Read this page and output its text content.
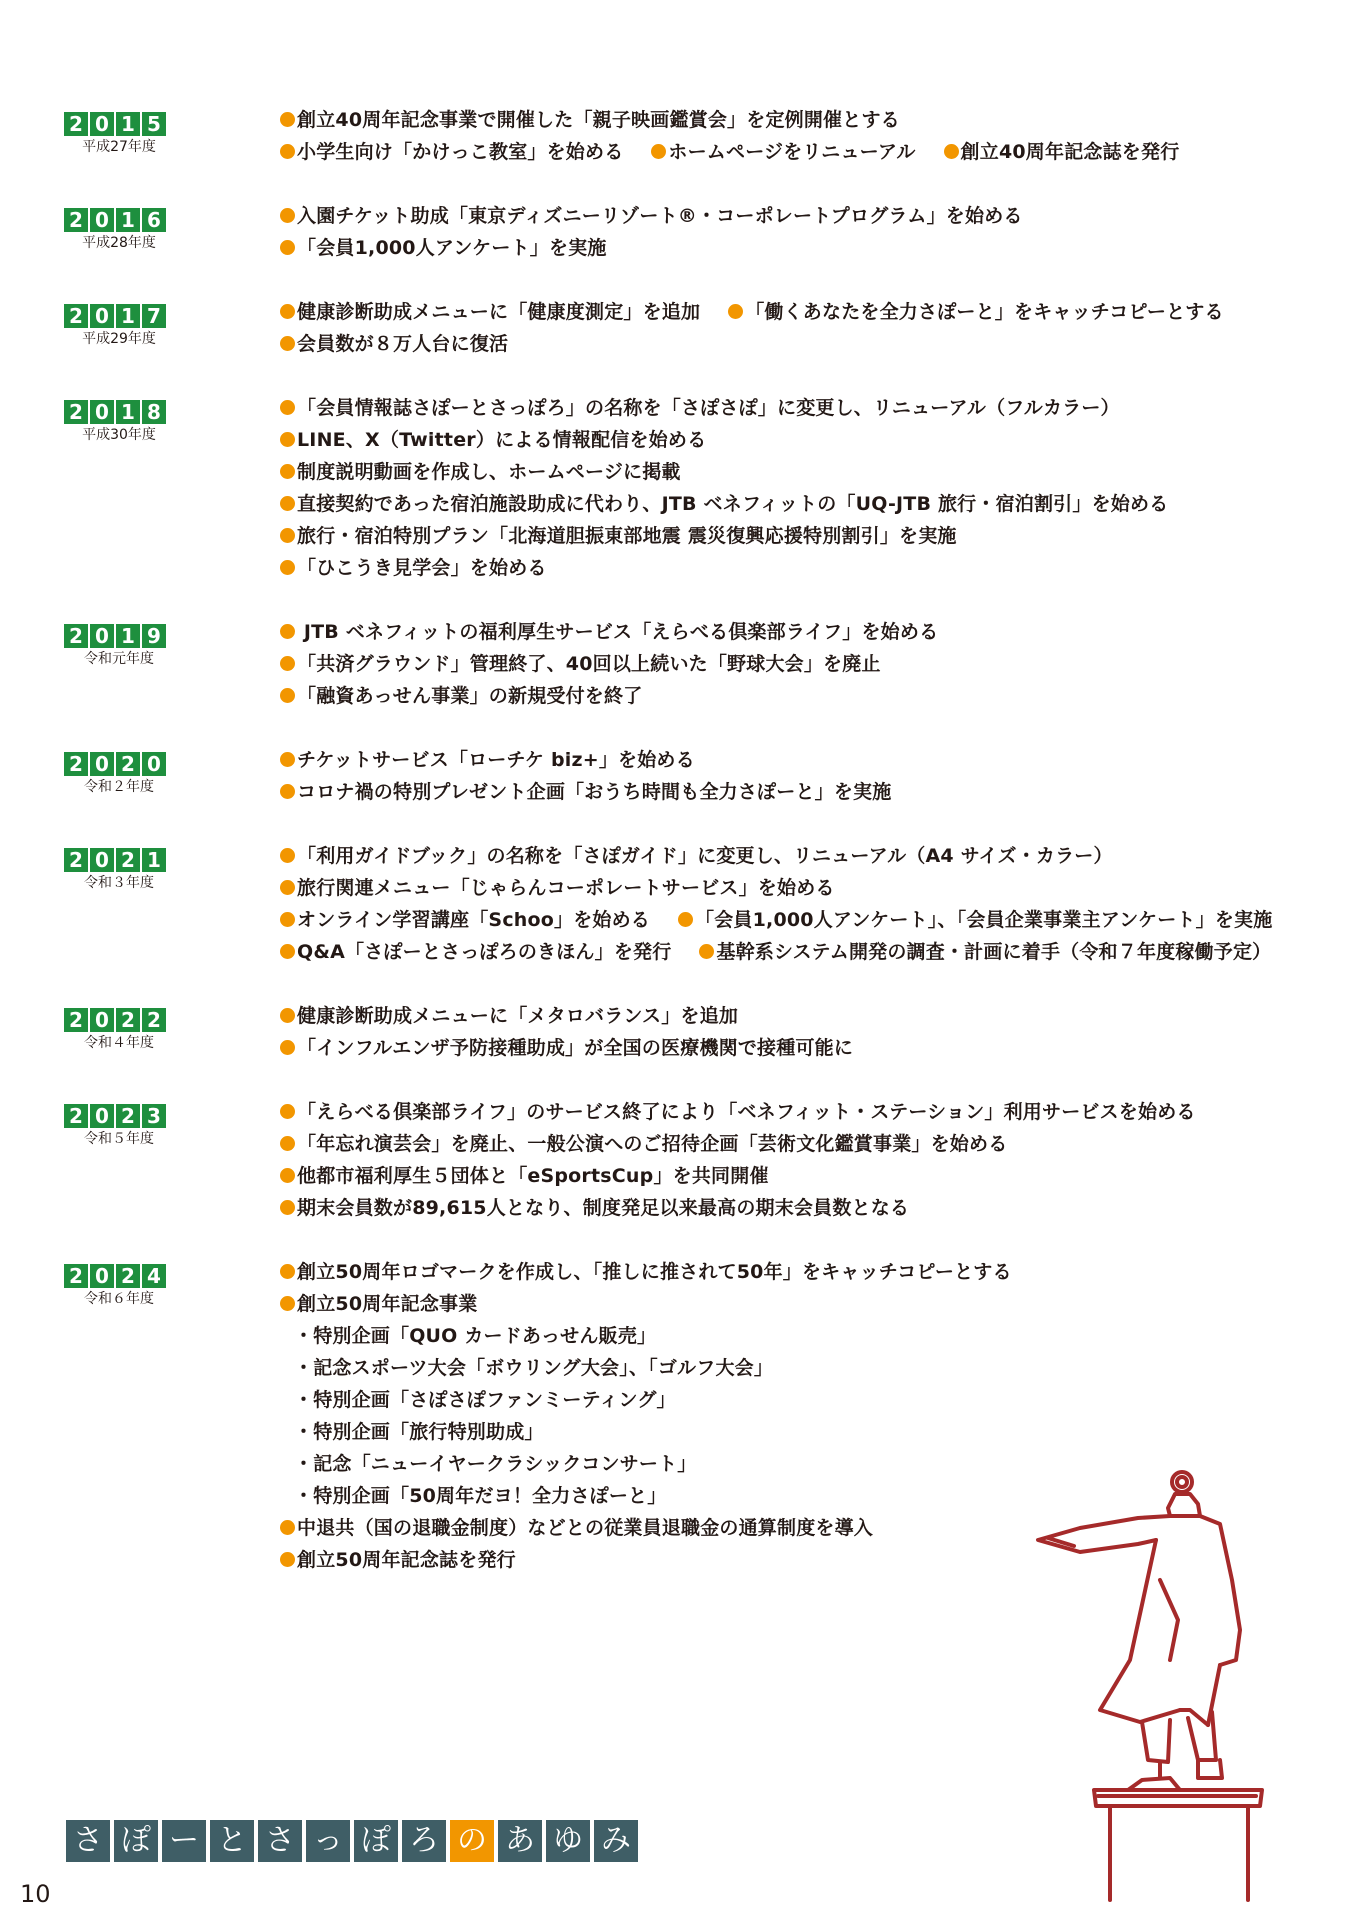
2 0 1 5
平成27年度
創立40周年記念事業で開催した「親子映画鑑賞会」を定例開催とする
小学生向け「かけっこ教室」を始める ホームページをリニューアル 創立40周年記念誌を発行
2 0 1 6
平成28年度
入園チケット助成「東京ディズニーリゾート®・コーポレートプログラム」を始める
「会員1,000人アンケート」を実施
2 0 1 7
平成29年度
健康診断助成メニューに「健康度測定」を追加 「働くあなたを全力さぽーと」をキャッチコピーとする
会員数が８万人台に復活
2 0 1 8
平成30年度
「会員情報誌さぽーとさっぽろ」の名称を「さぽさぽ」に変更し、リニューアル（フルカラー）
LINE、X（Twitter）による情報配信を始める
制度説明動画を作成し、ホームページに掲載
直接契約であった宿泊施設助成に代わり、JTB ベネフィットの「UQ-JTB 旅行・宿泊割引」を始める
旅行・宿泊特別プラン「北海道胆振東部地震 震災復興応援特別割引」を実施
「ひこうき見学会」を始める
2 0 1 9
令和元年度
JTB ベネフィットの福利厚生サービス「えらべる倶楽部ライフ」を始める
「共済グラウンド」管理終了、40回以上続いた「野球大会」を廃止
「融資あっせん事業」の新規受付を終了
2 0 2 0
令和２年度
チケットサービス「ローチケ biz+」を始める
コロナ禍の特別プレゼント企画「おうち時間も全力さぽーと」を実施
2 0 2 1
令和３年度
「利用ガイドブック」の名称を「さぽガイド」に変更し、リニューアル（A4 サイズ・カラー）
旅行関連メニュー「じゃらんコーポレートサービス」を始める
オンライン学習講座「Schoo」を始める 「会員1,000人アンケート」、「会員企業事業主アンケート」を実施
Q&A「さぽーとさっぽろのきほん」を発行 基幹系システム開発の調査・計画に着手（令和７年度稼働予定）
2 0 2 2
令和４年度
健康診断助成メニューに「メタロバランス」を追加
「インフルエンザ予防接種助成」が全国の医療機関で接種可能に
2 0 2 3
令和５年度
「えらべる倶楽部ライフ」のサービス終了により「ベネフィット・ステーション」利用サービスを始める
「年忘れ演芸会」を廃止、一般公演へのご招待企画「芸術文化鑑賞事業」を始める
他都市福利厚生５団体と「eSportsCup」を共同開催
期末会員数が89,615人となり、制度発足以来最高の期末会員数となる
2 0 2 4
令和６年度
創立50周年ロゴマークを作成し、「推しに推されて50年」をキャッチコピーとする
創立50周年記念事業
・特別企画「QUO カードあっせん販売」
・記念スポーツ大会「ボウリング大会」、「ゴルフ大会」
・特別企画「さぽさぽファンミーティング」
・特別企画「旅行特別助成」
・記念「ニューイヤークラシックコンサート」
・特別企画「50周年だヨ！全力さぽーと」
中退共（国の退職金制度）などとの従業員退職金の通算制度を導入
創立50周年記念誌を発行
さ ぽ ー と さ っ ぽ ろ の あ ゆ み
10
